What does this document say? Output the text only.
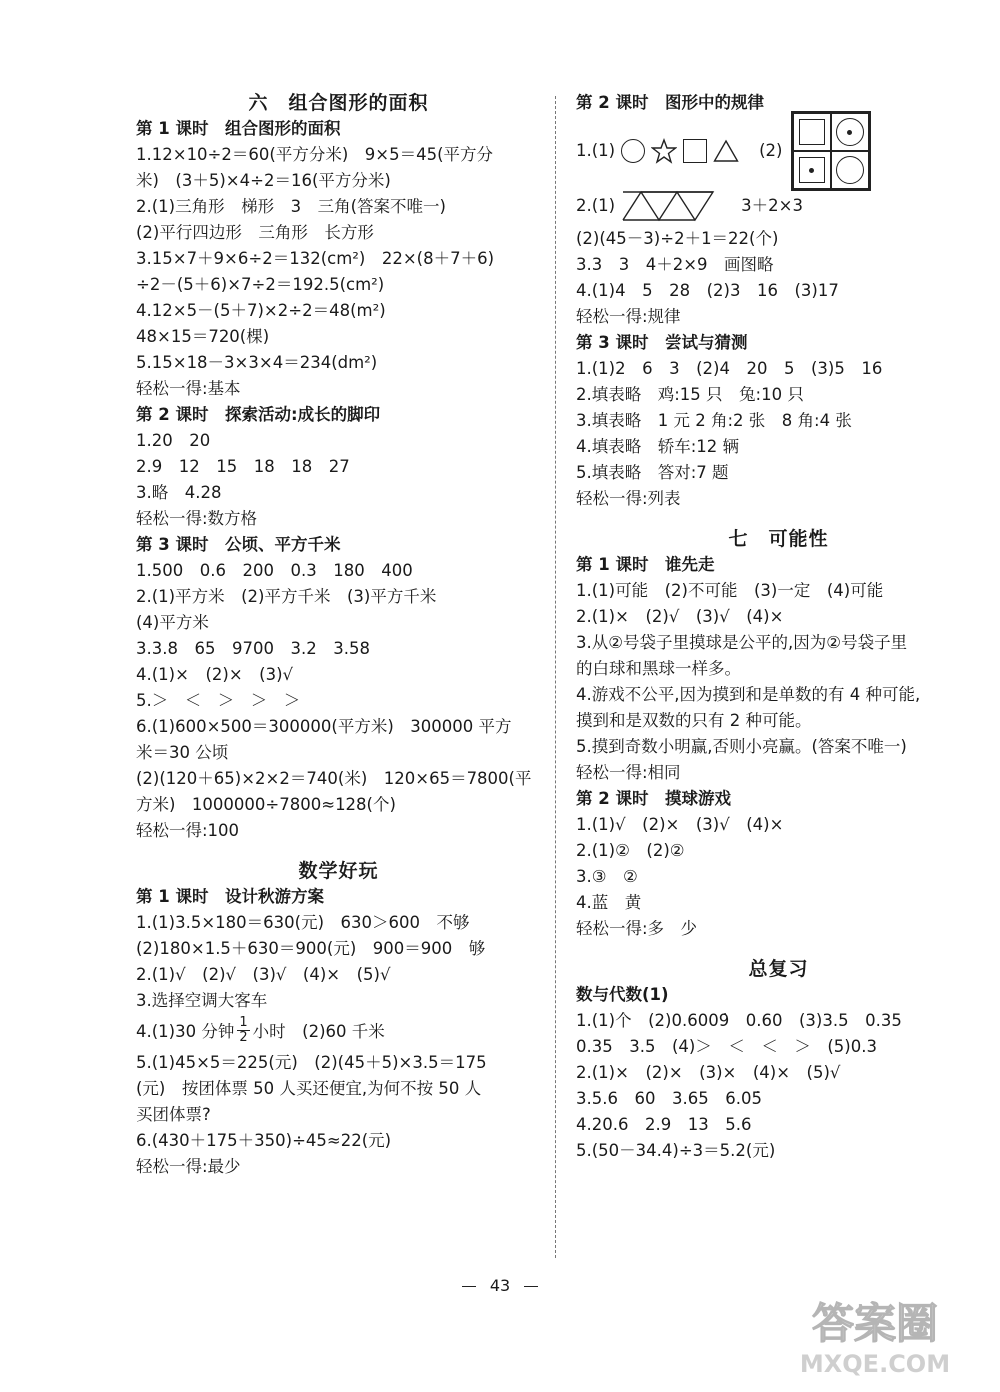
六　组合图形的面积
第 1 课时　组合图形的面积
1.12×10÷2＝60(平方分米)　9×5＝45(平方分
米)　(3＋5)×4÷2＝16(平方分米)
2.(1)三角形　梯形　3　三角(答案不唯一)
(2)平行四边形　三角形　长方形
3.15×7＋9×6÷2＝132(cm²)　22×(8＋7＋6)
÷2－(5＋6)×7÷2＝192.5(cm²)
4.12×5－(5＋7)×2÷2＝48(m²)
48×15＝720(棵)
5.15×18－3×3×4＝234(dm²)
轻松一得:基本
第 2 课时　探索活动:成长的脚印
1.20　20
2.9　12　15　18　18　27
3.略　4.28
轻松一得:数方格
第 3 课时　公顷、平方千米
1.500　0.6　200　0.3　180　400
2.(1)平方米　(2)平方千米　(3)平方千米
(4)平方米
3.3.8　65　9700　3.2　3.58
4.(1)×　(2)×　(3)√
5.＞　＜　＞　＞　＞
6.(1)600×500＝300000(平方米)　300000 平方
米＝30 公顷
(2)(120＋65)×2×2＝740(米)　120×65＝7800(平
方米)　1000000÷7800≈128(个)
轻松一得:100
数学好玩
第 1 课时　设计秋游方案
1.(1)3.5×180＝630(元)　630＞600　不够
(2)180×1.5＋630＝900(元)　900＝900　够
2.(1)√　(2)√　(3)√　(4)×　(5)√
3.选择空调大客车
4.(1)30 分钟 $\frac{1}{2}$ 小时　(2)60 千米
5.(1)45×5＝225(元)　(2)(45＋5)×3.5＝175
(元)　按团体票 50 人买还便宜,为何不按 50 人
买团体票?
6.(430＋175＋350)÷45≈22(元)
轻松一得:最少
第 2 课时　图形中的规律
1.(1)	(2)
2.(1)	3＋2×3
(2)(45－3)÷2＋1＝22(个)
3.3　3　4＋2×9　画图略
4.(1)4　5　28　(2)3　16　(3)17
轻松一得:规律
第 3 课时　尝试与猜测
1.(1)2　6　3　(2)4　20　5　(3)5　16
2.填表略　鸡:15 只　兔:10 只
3.填表略　1 元 2 角:2 张　8 角:4 张
4.填表略　轿车:12 辆
5.填表略　答对:7 题
轻松一得:列表
七　可能性
第 1 课时　谁先走
1.(1)可能　(2)不可能　(3)一定　(4)可能
2.(1)×　(2)√　(3)√　(4)×
3.从②号袋子里摸球是公平的,因为②号袋子里
的白球和黑球一样多。
4.游戏不公平,因为摸到和是单数的有 4 种可能,
摸到和是双数的只有 2 种可能。
5.摸到奇数小明赢,否则小亮赢。(答案不唯一)
轻松一得:相同
第 2 课时　摸球游戏
1.(1)√　(2)×　(3)√　(4)×
2.(1)②　(2)②
3.③　②
4.蓝　黄
轻松一得:多　少
总复习
数与代数(1)
1.(1)个　(2)0.6009̇　0.60　(3)3.5　0.35
0.35　3.5　(4)＞　＜　＜　＞　(5)0.3
2.(1)×　(2)×　(3)×　(4)×　(5)√
3.5.6　60　3.65　6.05̇
4.20.6　2.9　13　5.6
5.(50－34.4)÷3＝5.2(元)
43
答案圈
MXQE.COM
